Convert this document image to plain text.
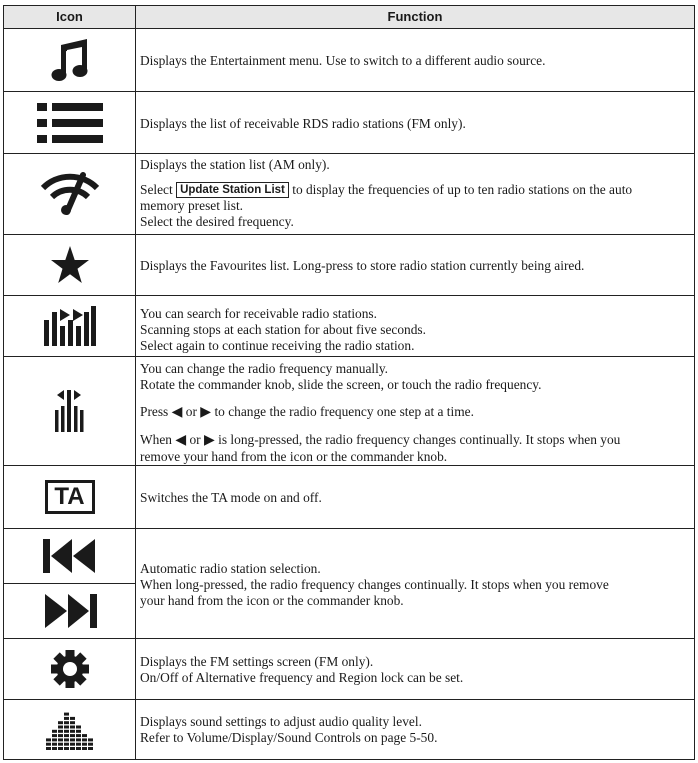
Icon	Function

Displays the Entertainment menu. Use to switch to a different audio source.

Displays the list of receivable RDS radio stations (FM only).

Displays the station list (AM only).

Select Update Station List to display the frequencies of up to ten radio stations on the auto

memory preset list.

Select the desired frequency.

Displays the Favourites list. Long-press to store radio station currently being aired.

You can search for receivable radio stations.

Scanning stops at each station for about five seconds.

Select again to continue receiving the radio station.

You can change the radio frequency manually.

Rotate the commander knob, slide the screen, or touch the radio frequency.

Press ◀ or ▶ to change the radio frequency one step at a time.

When ◀ or ▶ is long-pressed, the radio frequency changes continually. It stops when you

remove your hand from the icon or the commander knob.

TA	Switches the TA mode on and off.

Automatic radio station selection.

When long-pressed, the radio frequency changes continually. It stops when you remove

your hand from the icon or the commander knob.

Displays the FM settings screen (FM only).

On/Off of Alternative frequency and Region lock can be set.

Displays sound settings to adjust audio quality level.

Refer to Volume/Display/Sound Controls on page 5-50.
